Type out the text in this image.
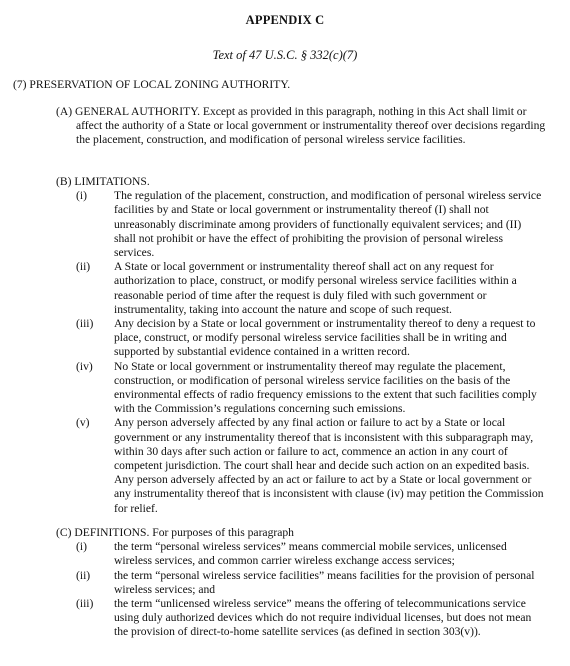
APPENDIX C
Text of 47 U.S.C. § 332(c)(7)
(7) PRESERVATION OF LOCAL ZONING AUTHORITY.
(A) GENERAL AUTHORITY. Except as provided in this paragraph, nothing in this Act shall limit or affect the authority of a State or local government or instrumentality thereof over decisions regarding the placement, construction, and modification of personal wireless service facilities.
(B) LIMITATIONS.
(i) The regulation of the placement, construction, and modification of personal wireless service facilities by and State or local government or instrumentality thereof (I) shall not unreasonably discriminate among providers of functionally equivalent services; and (II) shall not prohibit or have the effect of prohibiting the provision of personal wireless services.
(ii) A State or local government or instrumentality thereof shall act on any request for authorization to place, construct, or modify personal wireless service facilities within a reasonable period of time after the request is duly filed with such government or instrumentality, taking into account the nature and scope of such request.
(iii) Any decision by a State or local government or instrumentality thereof to deny a request to place, construct, or modify personal wireless service facilities shall be in writing and supported by substantial evidence contained in a written record.
(iv) No State or local government or instrumentality thereof may regulate the placement, construction, or modification of personal wireless service facilities on the basis of the environmental effects of radio frequency emissions to the extent that such facilities comply with the Commission’s regulations concerning such emissions.
(v) Any person adversely affected by any final action or failure to act by a State or local government or any instrumentality thereof that is inconsistent with this subparagraph may, within 30 days after such action or failure to act, commence an action in any court of competent jurisdiction. The court shall hear and decide such action on an expedited basis. Any person adversely affected by an act or failure to act by a State or local government or any instrumentality thereof that is inconsistent with clause (iv) may petition the Commission for relief.
(C) DEFINITIONS. For purposes of this paragraph
(i) the term “personal wireless services” means commercial mobile services, unlicensed wireless services, and common carrier wireless exchange access services;
(ii) the term “personal wireless service facilities” means facilities for the provision of personal wireless services; and
(iii) the term “unlicensed wireless service” means the offering of telecommunications service using duly authorized devices which do not require individual licenses, but does not mean the provision of direct-to-home satellite services (as defined in section 303(v)).
